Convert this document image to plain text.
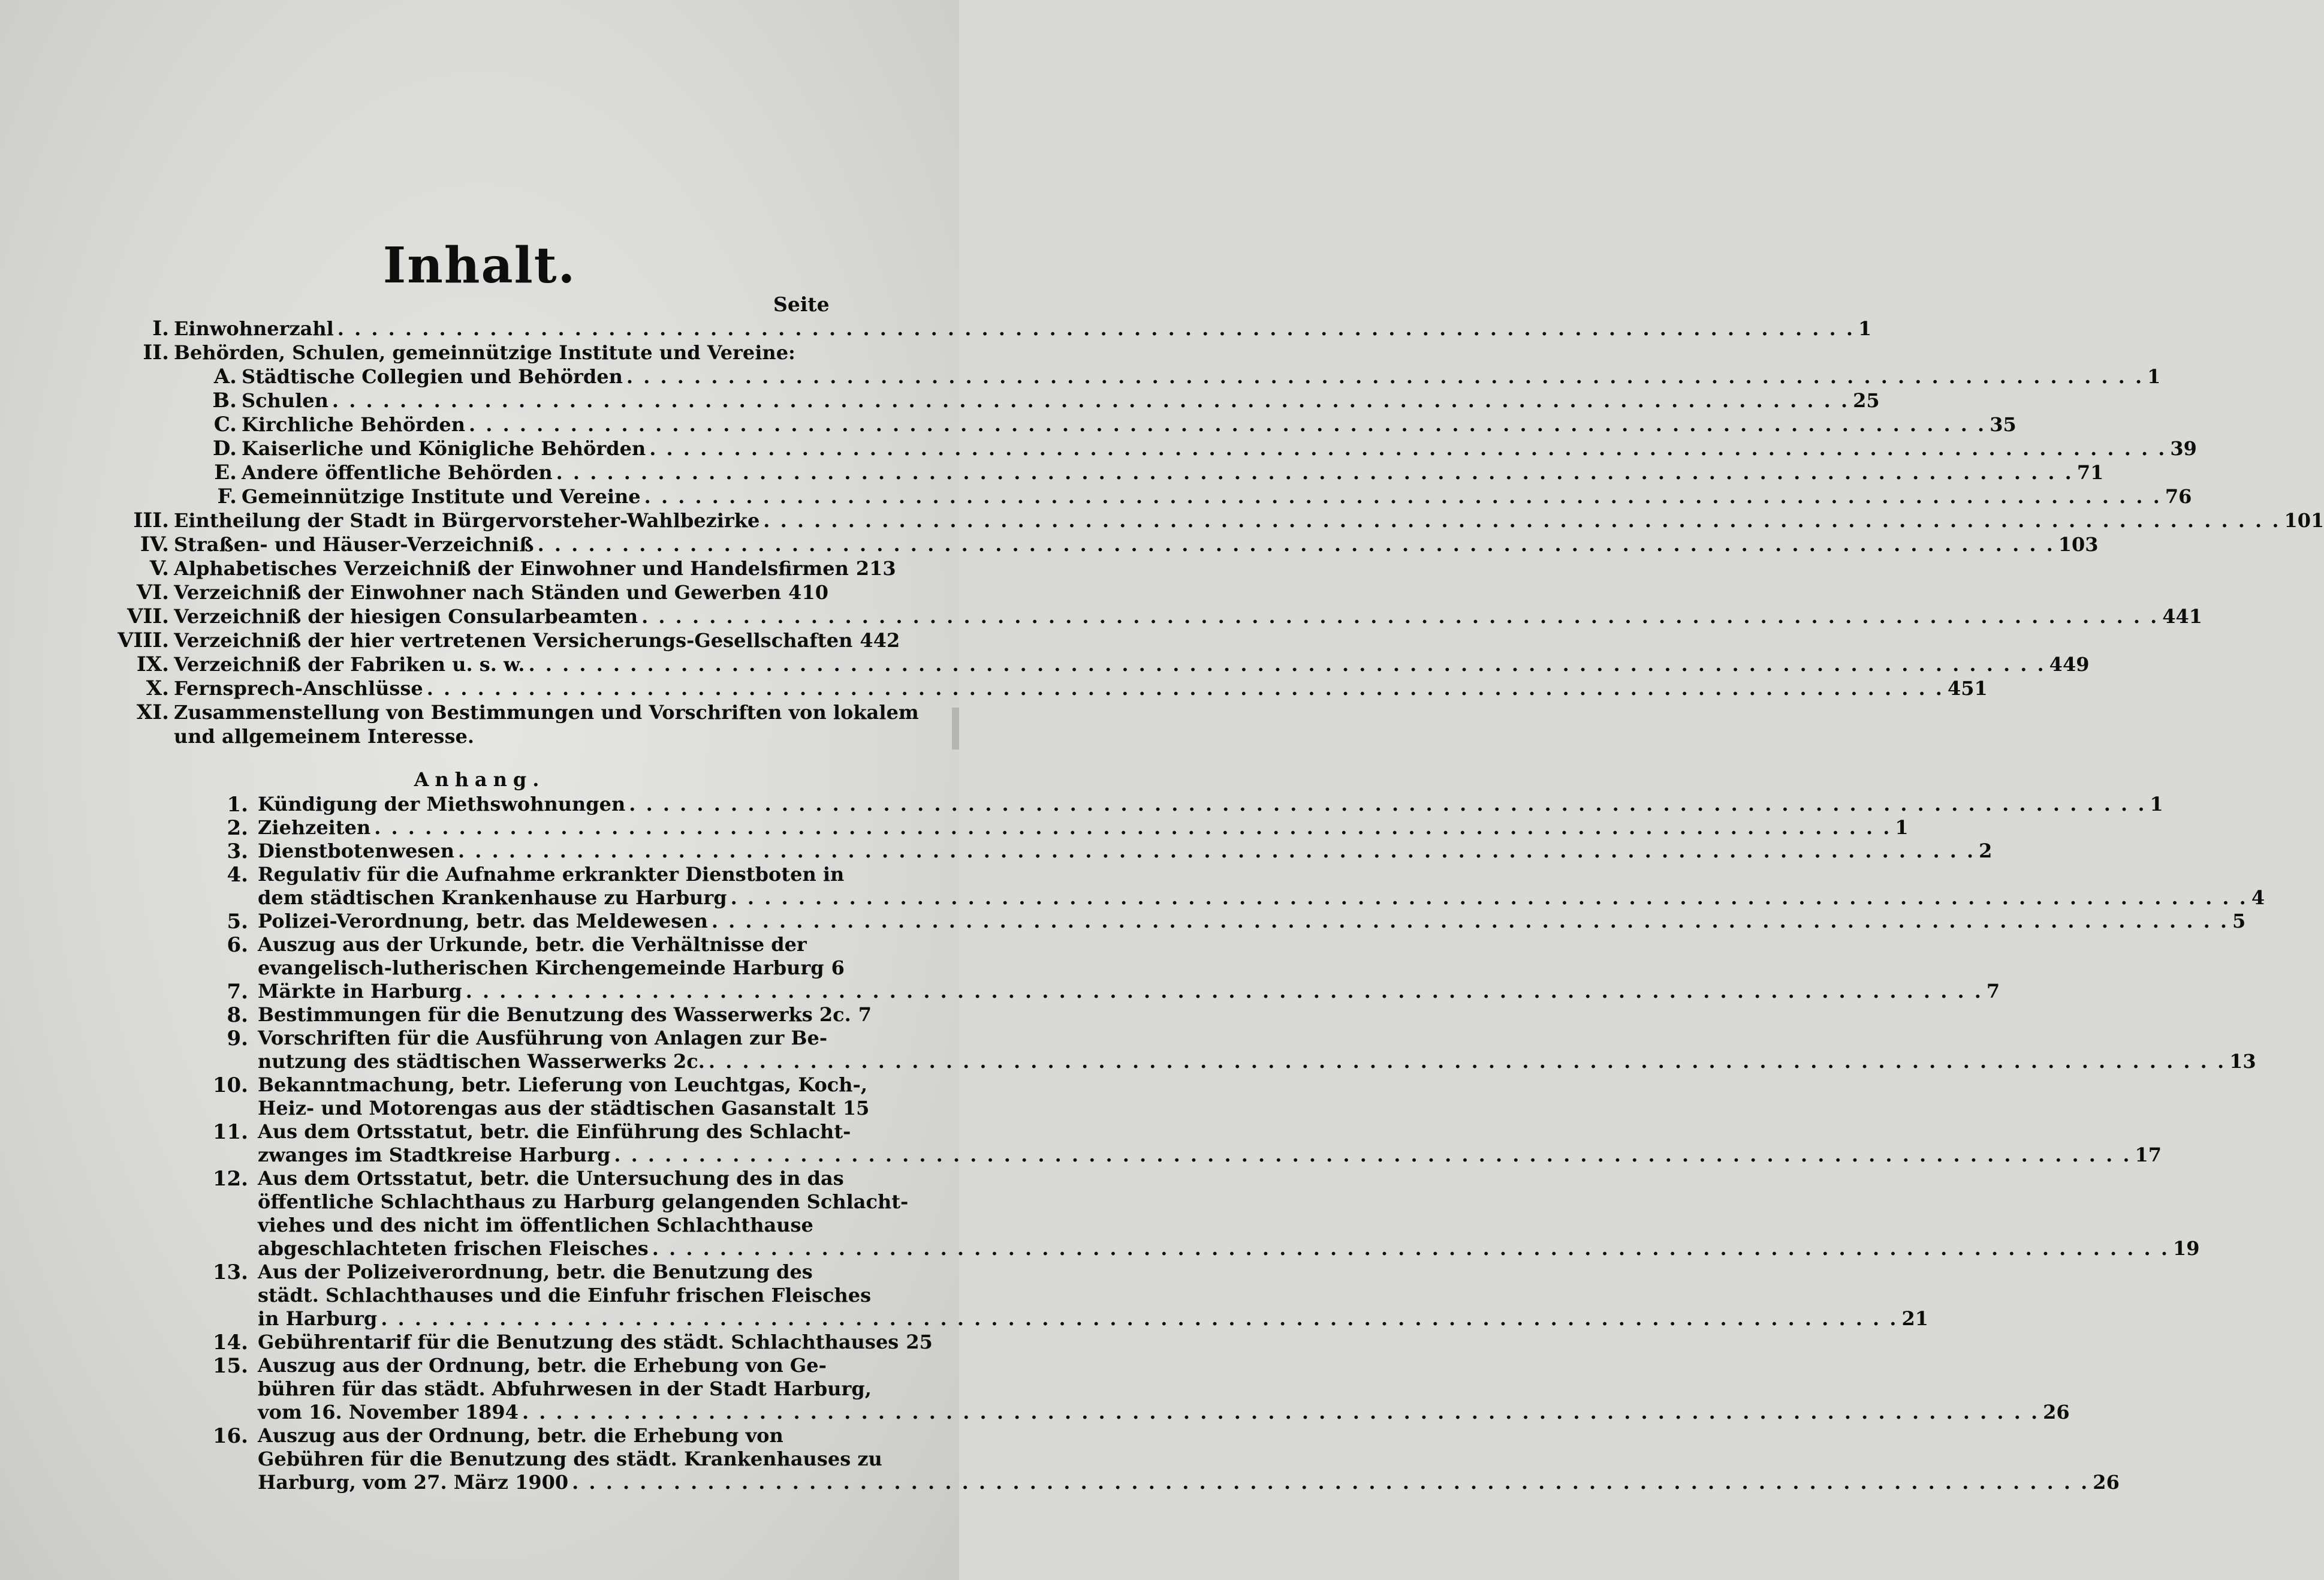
Inhalt.
Seite
I. Einwohnerzahl . . . . . . . . . . . . . . . . . . . . . . . . . . . . . . . . . . . . . . . . . . . . . . . . . . . . . . . . . . . . . . . . . . . . . . . . . . . . . . . . . . . . . . . . . . 1
II. Behörden, Schulen, gemeinnützige Institute und Vereine:
A. Städtische Collegien und Behörden . . . . . . . . . . . . . . . . . . . . . . . . . . . . . . . . . . . . . . . . . . . . . . . . . . . . . . . . . . . . . . . . . . . . . . . . . . . . . . . . . . . . . . . . . . 1
B. Schulen . . . . . . . . . . . . . . . . . . . . . . . . . . . . . . . . . . . . . . . . . . . . . . . . . . . . . . . . . . . . . . . . . . . . . . . . . . . . . . . . . . . . . . . . . . 25
C. Kirchliche Behörden . . . . . . . . . . . . . . . . . . . . . . . . . . . . . . . . . . . . . . . . . . . . . . . . . . . . . . . . . . . . . . . . . . . . . . . . . . . . . . . . . . . . . . . . . . 35
D. Kaiserliche und Königliche Behörden . . . . . . . . . . . . . . . . . . . . . . . . . . . . . . . . . . . . . . . . . . . . . . . . . . . . . . . . . . . . . . . . . . . . . . . . . . . . . . . . . . . . . . . . . . 39
E. Andere öffentliche Behörden . . . . . . . . . . . . . . . . . . . . . . . . . . . . . . . . . . . . . . . . . . . . . . . . . . . . . . . . . . . . . . . . . . . . . . . . . . . . . . . . . . . . . . . . . . 71
F. Gemeinnützige Institute und Vereine . . . . . . . . . . . . . . . . . . . . . . . . . . . . . . . . . . . . . . . . . . . . . . . . . . . . . . . . . . . . . . . . . . . . . . . . . . . . . . . . . . . . . . . . . . 76
III. Eintheilung der Stadt in Bürgervorsteher-Wahlbezirke . . . . . . . . . . . . . . . . . . . . . . . . . . . . . . . . . . . . . . . . . . . . . . . . . . . . . . . . . . . . . . . . . . . . . . . . . . . . . . . . . . . . . . . . . . 101
IV. Straßen- und Häuser-Verzeichniß . . . . . . . . . . . . . . . . . . . . . . . . . . . . . . . . . . . . . . . . . . . . . . . . . . . . . . . . . . . . . . . . . . . . . . . . . . . . . . . . . . . . . . . . . . 103
V. Alphabetisches Verzeichniß der Einwohner und Handelsfirmen 213
VI. Verzeichniß der Einwohner nach Ständen und Gewerben 410
VII. Verzeichniß der hiesigen Consularbeamten . . . . . . . . . . . . . . . . . . . . . . . . . . . . . . . . . . . . . . . . . . . . . . . . . . . . . . . . . . . . . . . . . . . . . . . . . . . . . . . . . . . . . . . . . . 441
VIII. Verzeichniß der hier vertretenen Versicherungs-Gesellschaften 442
IX. Verzeichniß der Fabriken u. s. w. . . . . . . . . . . . . . . . . . . . . . . . . . . . . . . . . . . . . . . . . . . . . . . . . . . . . . . . . . . . . . . . . . . . . . . . . . . . . . . . . . . . . . . . . . . 449
X. Fernsprech-Anschlüsse . . . . . . . . . . . . . . . . . . . . . . . . . . . . . . . . . . . . . . . . . . . . . . . . . . . . . . . . . . . . . . . . . . . . . . . . . . . . . . . . . . . . . . . . . . 451
XI. Zusammenstellung von Bestimmungen und Vorschriften von lokalem
und allgemeinem Interesse.
Anhang.
1. Kündigung der Miethswohnungen . . . . . . . . . . . . . . . . . . . . . . . . . . . . . . . . . . . . . . . . . . . . . . . . . . . . . . . . . . . . . . . . . . . . . . . . . . . . . . . . . . . . . . . . . . 1
2. Ziehzeiten . . . . . . . . . . . . . . . . . . . . . . . . . . . . . . . . . . . . . . . . . . . . . . . . . . . . . . . . . . . . . . . . . . . . . . . . . . . . . . . . . . . . . . . . . . 1
3. Dienstbotenwesen . . . . . . . . . . . . . . . . . . . . . . . . . . . . . . . . . . . . . . . . . . . . . . . . . . . . . . . . . . . . . . . . . . . . . . . . . . . . . . . . . . . . . . . . . . 2
4. Regulativ für die Aufnahme erkrankter Dienstboten in
dem städtischen Krankenhause zu Harburg . . . . . . . . . . . . . . . . . . . . . . . . . . . . . . . . . . . . . . . . . . . . . . . . . . . . . . . . . . . . . . . . . . . . . . . . . . . . . . . . . . . . . . . . . . 4
5. Polizei-Verordnung, betr. das Meldewesen . . . . . . . . . . . . . . . . . . . . . . . . . . . . . . . . . . . . . . . . . . . . . . . . . . . . . . . . . . . . . . . . . . . . . . . . . . . . . . . . . . . . . . . . . . 5
6. Auszug aus der Urkunde, betr. die Verhältnisse der
evangelisch-lutherischen Kirchengemeinde Harburg 6
7. Märkte in Harburg . . . . . . . . . . . . . . . . . . . . . . . . . . . . . . . . . . . . . . . . . . . . . . . . . . . . . . . . . . . . . . . . . . . . . . . . . . . . . . . . . . . . . . . . . . 7
8. Bestimmungen für die Benutzung des Wasserwerks 2c. 7
9. Vorschriften für die Ausführung von Anlagen zur Be-
nutzung des städtischen Wasserwerks 2c. . . . . . . . . . . . . . . . . . . . . . . . . . . . . . . . . . . . . . . . . . . . . . . . . . . . . . . . . . . . . . . . . . . . . . . . . . . . . . . . . . . . . . . . . . . 13
10. Bekanntmachung, betr. Lieferung von Leuchtgas, Koch-,
Heiz- und Motorengas aus der städtischen Gasanstalt 15
11. Aus dem Ortsstatut, betr. die Einführung des Schlacht-
zwanges im Stadtkreise Harburg . . . . . . . . . . . . . . . . . . . . . . . . . . . . . . . . . . . . . . . . . . . . . . . . . . . . . . . . . . . . . . . . . . . . . . . . . . . . . . . . . . . . . . . . . . 17
12. Aus dem Ortsstatut, betr. die Untersuchung des in das
öffentliche Schlachthaus zu Harburg gelangenden Schlacht-
viehes und des nicht im öffentlichen Schlachthause
abgeschlachteten frischen Fleisches . . . . . . . . . . . . . . . . . . . . . . . . . . . . . . . . . . . . . . . . . . . . . . . . . . . . . . . . . . . . . . . . . . . . . . . . . . . . . . . . . . . . . . . . . . 19
13. Aus der Polizeiverordnung, betr. die Benutzung des
städt. Schlachthauses und die Einfuhr frischen Fleisches
in Harburg . . . . . . . . . . . . . . . . . . . . . . . . . . . . . . . . . . . . . . . . . . . . . . . . . . . . . . . . . . . . . . . . . . . . . . . . . . . . . . . . . . . . . . . . . . 21
14. Gebührentarif für die Benutzung des städt. Schlachthauses 25
15. Auszug aus der Ordnung, betr. die Erhebung von Ge-
bühren für das städt. Abfuhrwesen in der Stadt Harburg,
vom 16. November 1894 . . . . . . . . . . . . . . . . . . . . . . . . . . . . . . . . . . . . . . . . . . . . . . . . . . . . . . . . . . . . . . . . . . . . . . . . . . . . . . . . . . . . . . . . . . 26
16. Auszug aus der Ordnung, betr. die Erhebung von
Gebühren für die Benutzung des städt. Krankenhauses zu
Harburg, vom 27. März 1900 . . . . . . . . . . . . . . . . . . . . . . . . . . . . . . . . . . . . . . . . . . . . . . . . . . . . . . . . . . . . . . . . . . . . . . . . . . . . . . . . . . . . . . . . . . 26
